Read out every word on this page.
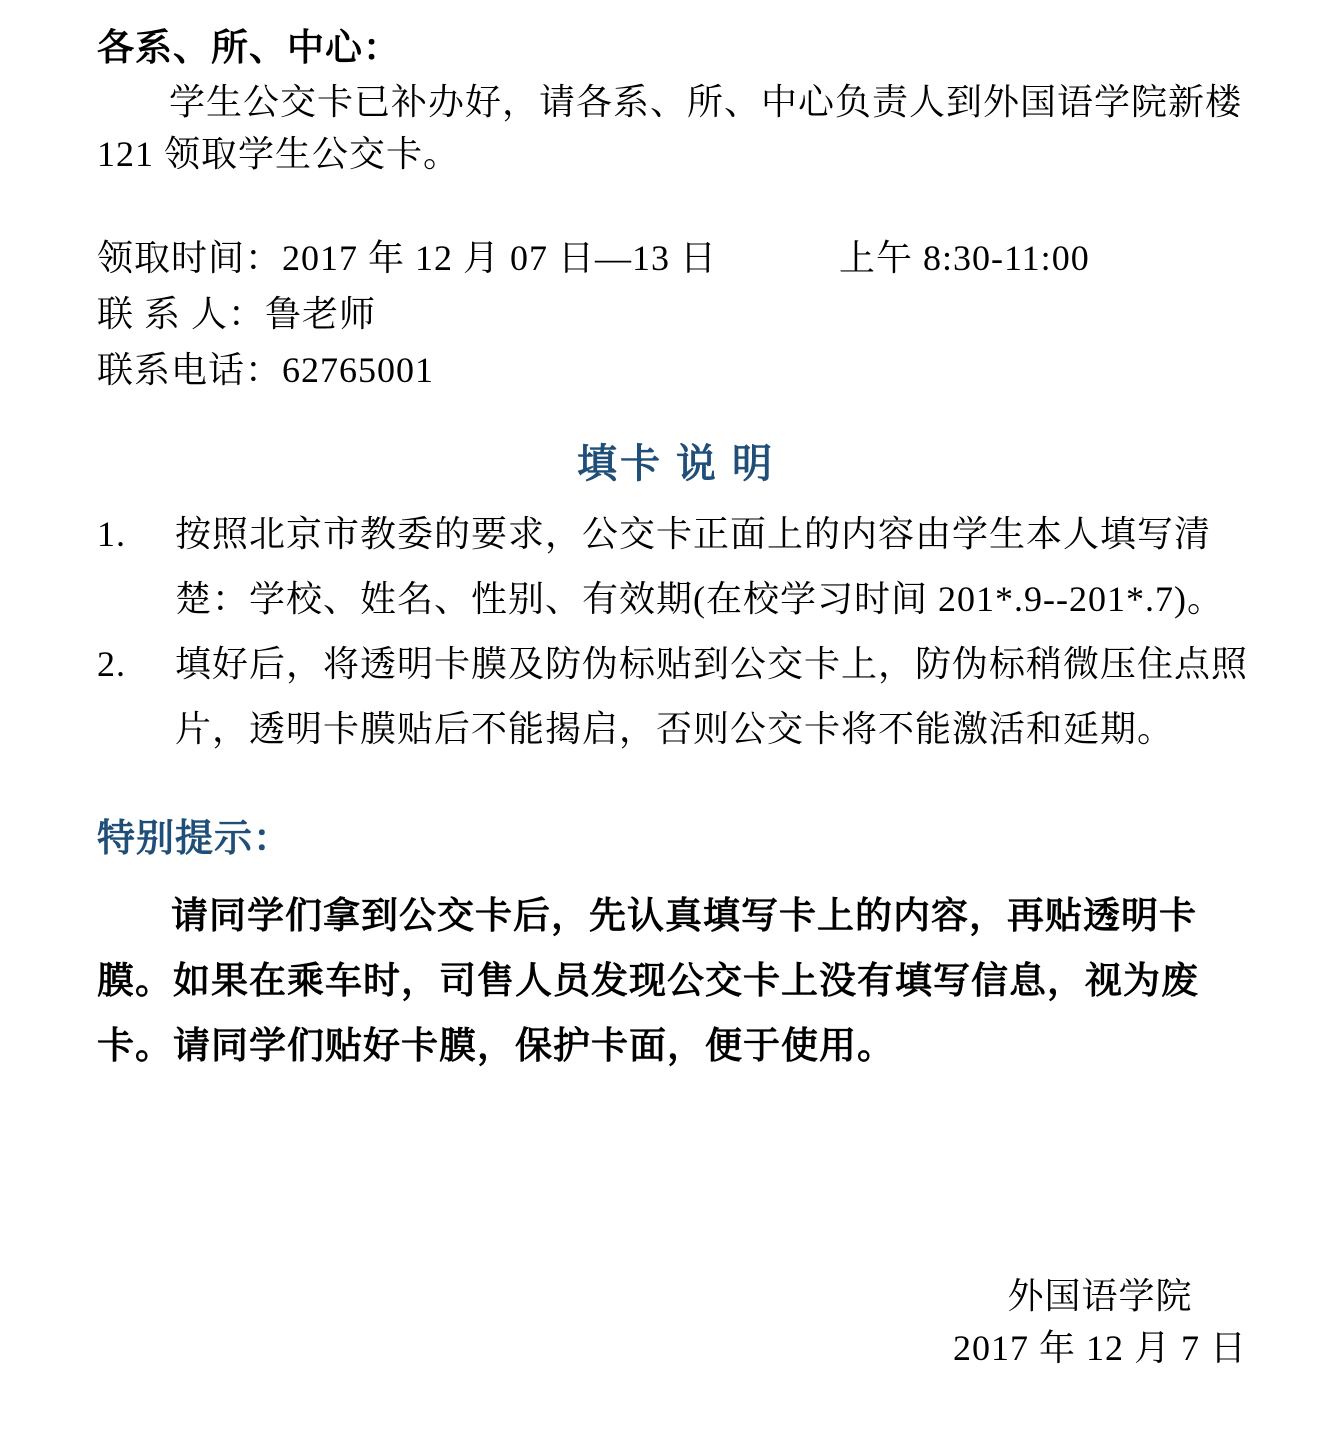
各系、所、中心：

学生公交卡已补办好，请各系、所、中心负责人到外国语学院新楼 121 领取学生公交卡。

领取时间：2017 年 12 月 07 日—13 日	上午 8:30-11:00
联 系 人：鲁老师
联系电话：62765001
填卡 说 明
1.	按照北京市教委的要求，公交卡正面上的内容由学生本人填写清楚：学校、姓名、性别、有效期(在校学习时间 201*.9--201*.7)。
2.	填好后，将透明卡膜及防伪标贴到公交卡上，防伪标稍微压住点照片，透明卡膜贴后不能揭启，否则公交卡将不能激活和延期。
特别提示：

请同学们拿到公交卡后，先认真填写卡上的内容，再贴透明卡膜。如果在乘车时，司售人员发现公交卡上没有填写信息，视为废卡。请同学们贴好卡膜，保护卡面，便于使用。

外国语学院
2017 年 12 月 7 日
